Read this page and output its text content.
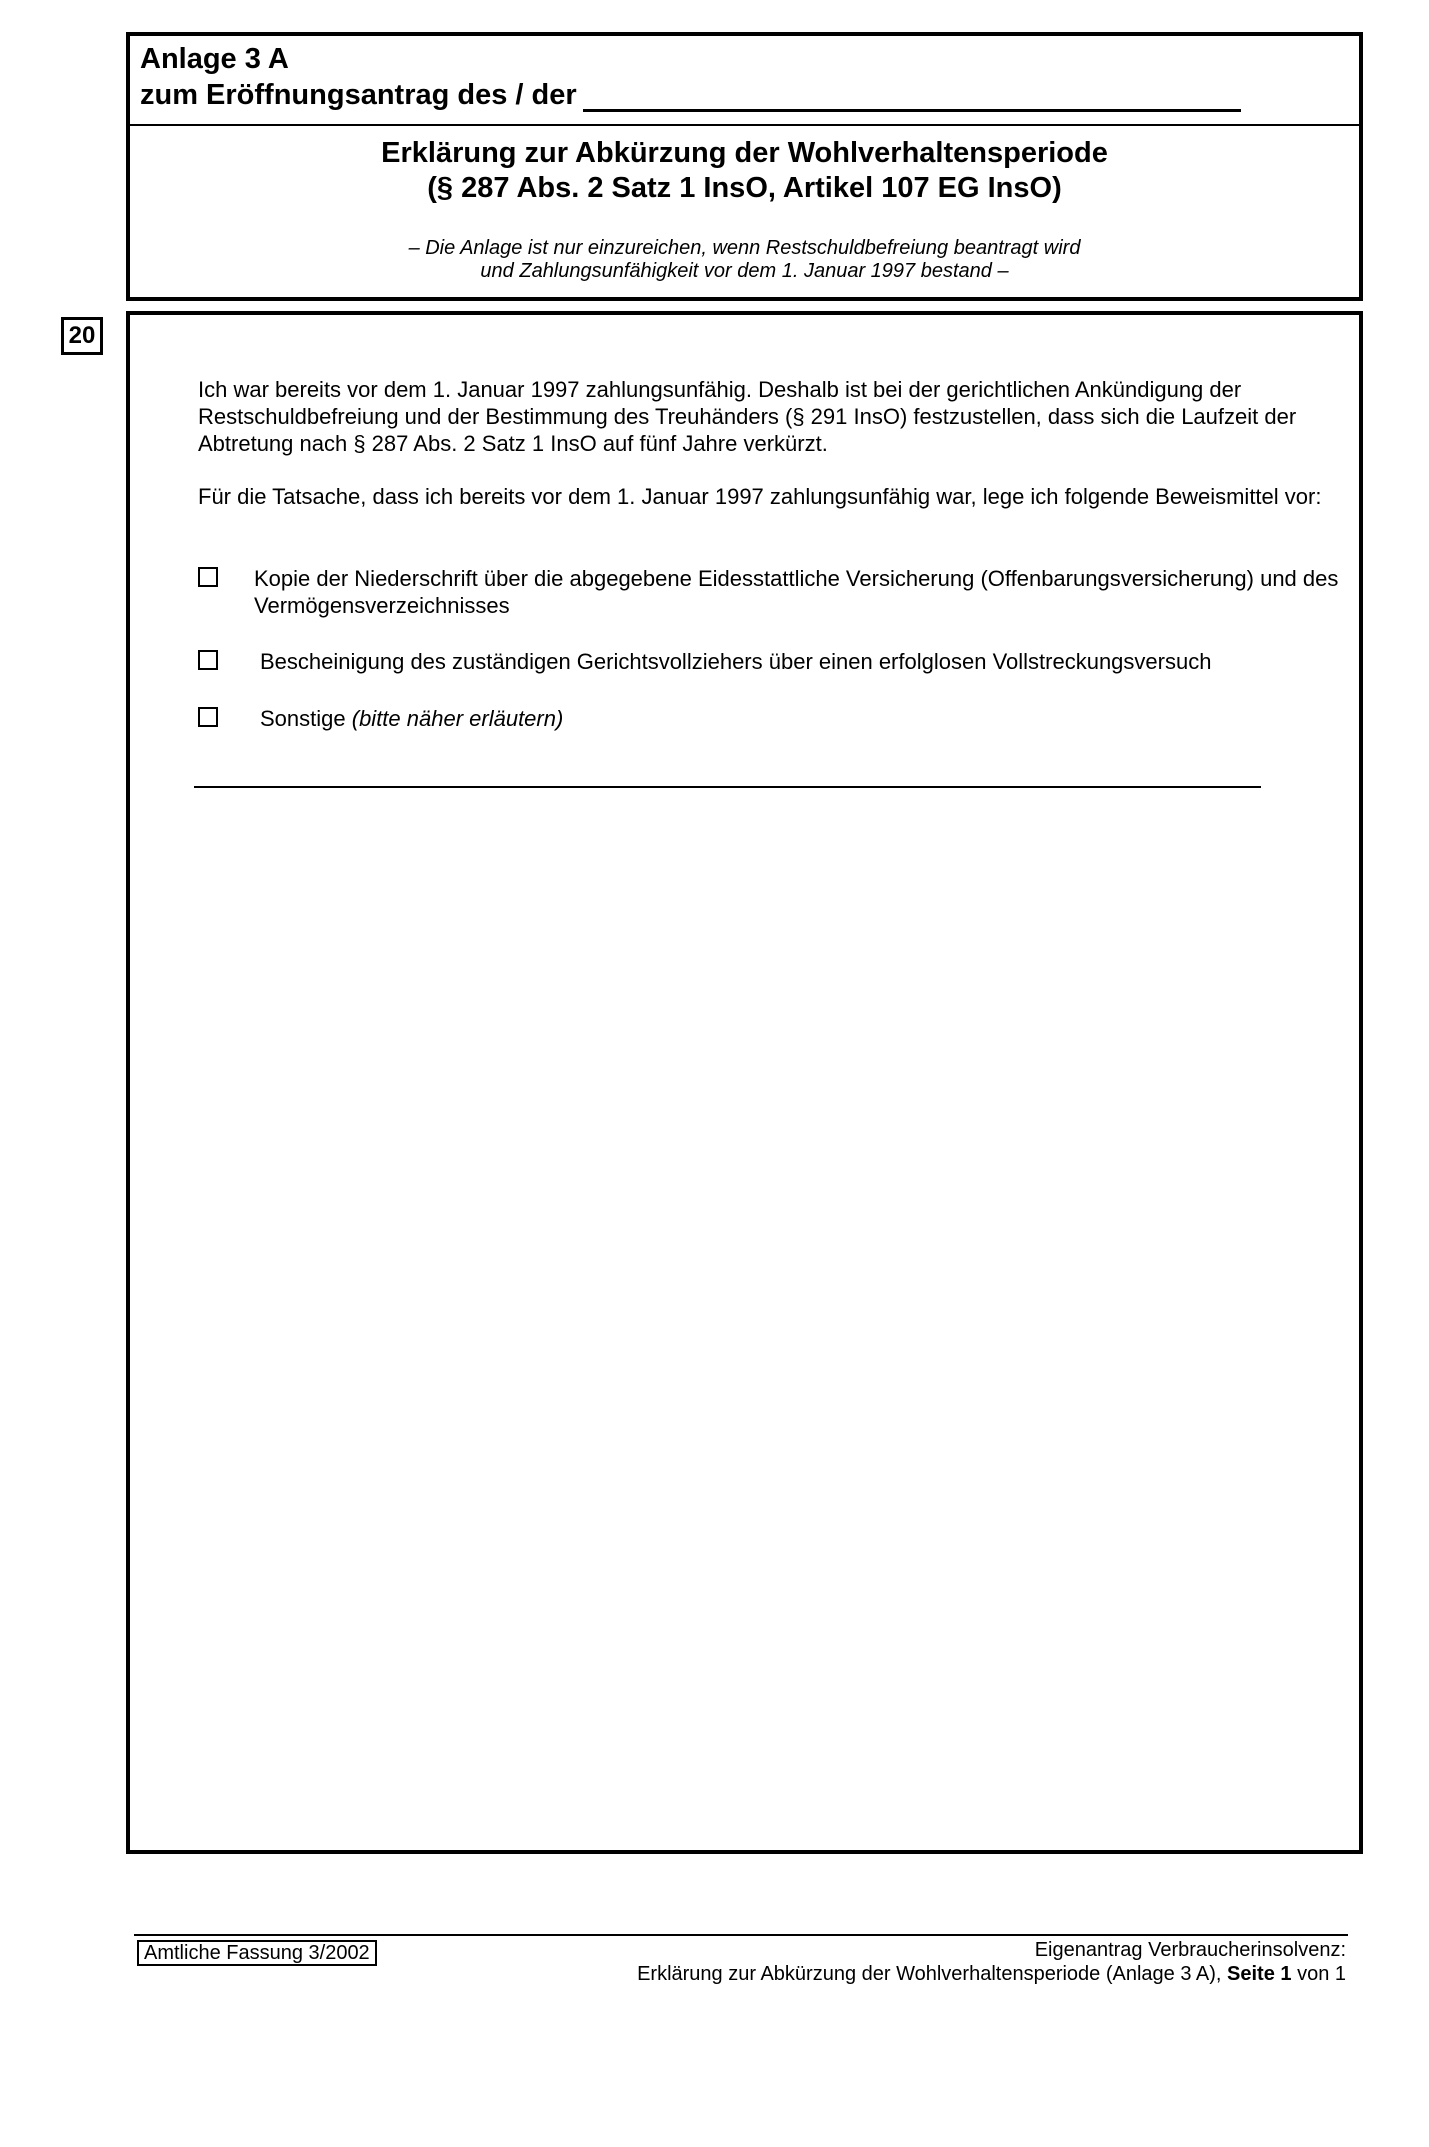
Anlage 3 A
zum Eröffnungsantrag des / der
Erklärung zur Abkürzung der Wohlverhaltensperiode
(§ 287 Abs. 2 Satz 1 InsO, Artikel 107 EG InsO)
– Die Anlage ist nur einzureichen, wenn Restschuldbefreiung beantragt wird
und Zahlungsunfähigkeit vor dem 1. Januar 1997 bestand –
20
Ich war bereits vor dem 1. Januar 1997 zahlungsunfähig. Deshalb ist bei der gerichtlichen Ankündigung der Restschuldbefreiung und der Bestimmung des Treuhänders (§ 291 InsO) festzustellen, dass sich die Laufzeit der Abtretung nach § 287 Abs. 2 Satz 1 InsO auf fünf Jahre verkürzt.
Für die Tatsache, dass ich bereits vor dem 1. Januar 1997 zahlungsunfähig war, lege ich folgende Beweismittel vor:
Kopie der Niederschrift über die abgegebene Eidesstattliche Versicherung (Offenbarungsversicherung) und des Vermögensverzeichnisses
Bescheinigung des zuständigen Gerichtsvollziehers über einen erfolglosen Vollstreckungsversuch
Sonstige (bitte näher erläutern)
Amtliche Fassung 3/2002	Eigenantrag Verbraucherinsolvenz:
Erklärung zur Abkürzung der Wohlverhaltensperiode (Anlage 3 A), Seite 1 von 1
